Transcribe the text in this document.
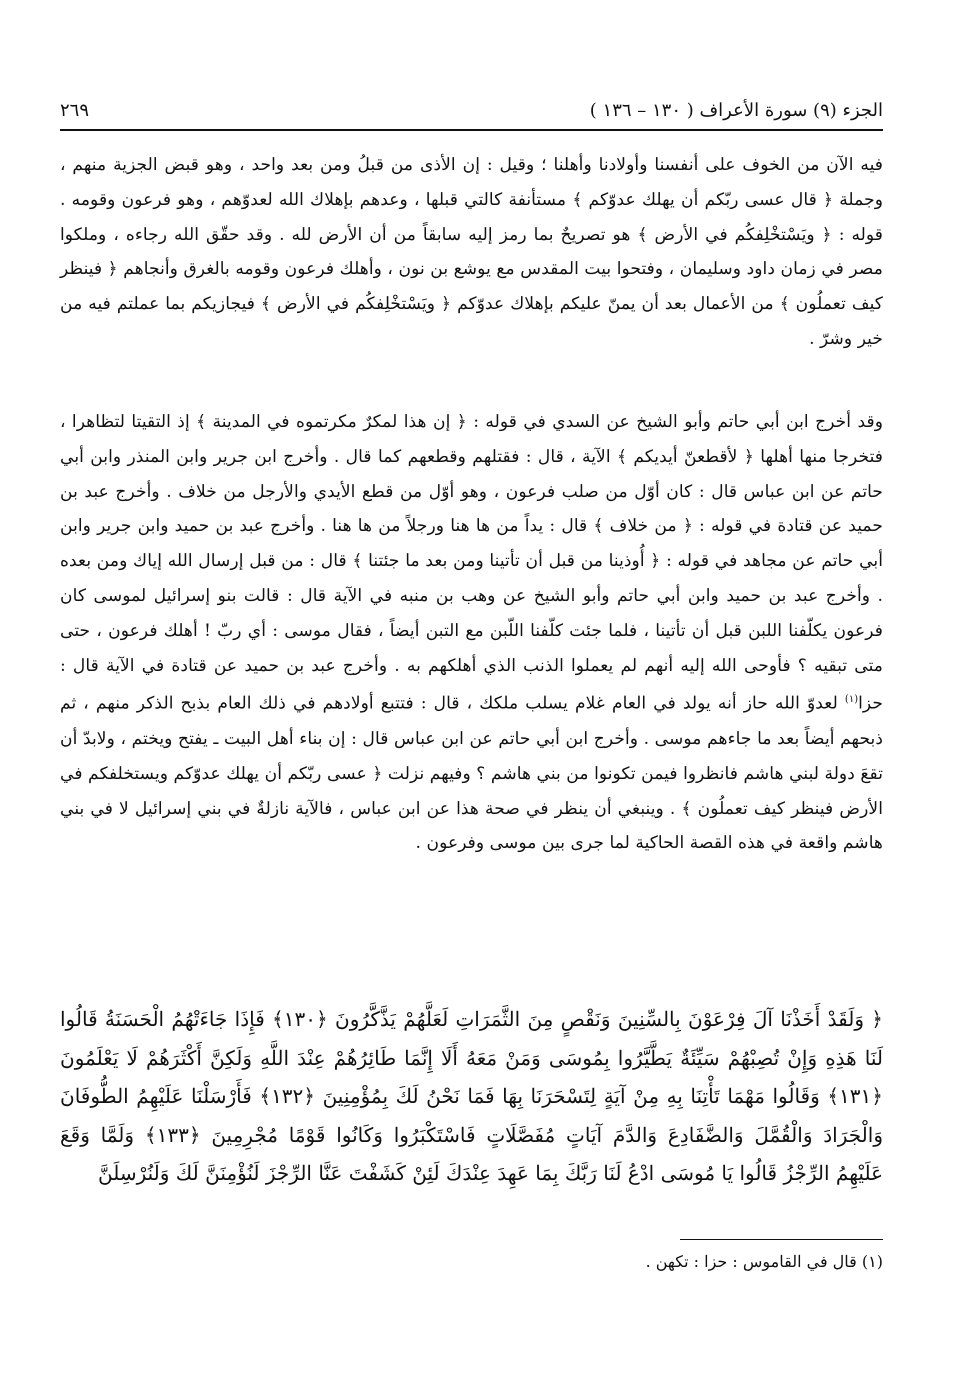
الجزء (٩) سورة الأعراف ( ١٣٠ – ١٣٦ )
٢٦٩
فيه الآن من الخوف على أنفسنا وأولادنا وأهلنا ؛ وقيل : إن الأذى من قبلُ ومن بعد واحد ، وهو قبض الجزية منهم ، وجملة ﴿ قال عسى ربّكم أن يهلك عدوّكم ﴾ مستأنفة كالتي قبلها ، وعدهم بإهلاك الله لعدوّهم ، وهو فرعون وقومه . قوله : ﴿ ويَسْتخْلِفكُم في الأرض ﴾ هو تصريحٌ بما رمز إليه سابقاً من أن الأرض لله . وقد حقّق الله رجاءه ، وملكوا مصر في زمان داود وسليمان ، وفتحوا بيت المقدس مع يوشع بن نون ، وأهلك فرعون وقومه بالغرق وأنجاهم ﴿ فينظر كيف تعملُون ﴾ من الأعمال بعد أن يمنّ عليكم بإهلاك عدوّكم ﴿ ويَسْتخْلِفكُم في الأرض ﴾ فيجازيكم بما عملتم فيه من خير وشرّ .
وقد أخرج ابن أبي حاتم وأبو الشيخ عن السدي في قوله : ﴿ إن هذا لمكرٌ مكرتموه في المدينة ﴾ إذ التقيتا لتظاهرا ، فتخرجا منها أهلها ﴿ لأقطعنّ أيديكم ﴾ الآية ، قال : فقتلهم وقطعهم كما قال . وأخرج ابن جرير وابن المنذر وابن أبي حاتم عن ابن عباس قال : كان أوّل من صلب فرعون ، وهو أوّل من قطع الأيدي والأرجل من خلاف . وأخرج عبد بن حميد عن قتادة في قوله : ﴿ من خلاف ﴾ قال : يداً من ها هنا ورجلاً من ها هنا . وأخرج عبد بن حميد وابن جرير وابن أبي حاتم عن مجاهد في قوله : ﴿ أُوذينا من قبل أن تأتينا ومن بعد ما جئتنا ﴾ قال : من قبل إرسال الله إياك ومن بعده . وأخرج عبد بن حميد وابن أبي حاتم وأبو الشيخ عن وهب بن منبه في الآية قال : قالت بنو إسرائيل لموسى كان فرعون يكلّفنا اللبن قبل أن تأتينا ، فلما جئت كلّفنا اللّبن مع التبن أيضاً ، فقال موسى : أي ربّ ! أهلك فرعون ، حتى متى تبقيه ؟ فأوحى الله إليه أنهم لم يعملوا الذنب الذي أهلكهم به . وأخرج عبد بن حميد عن قتادة في الآية قال : حزا$^{(١)}$ لعدوّ الله حاز أنه يولد في العام غلام يسلب ملكك ، قال : فتتبع أولادهم في ذلك العام بذبح الذكر منهم ، ثم ذبحهم أيضاً بعد ما جاءهم موسى . وأخرج ابن أبي حاتم عن ابن عباس قال : إن بناء أهل البيت ـ يفتح ويختم ، ولابدّ أن تقعَ دولة لبني هاشم فانظروا فيمن تكونوا من بني هاشم ؟ وفيهم نزلت ﴿ عسى ربّكم أن يهلك عدوّكم ويستخلفكم في الأرض فينظر كيف تعملُون ﴾ . وينبغي أن ينظر في صحة هذا عن ابن عباس ، فالآية نازلةٌ في بني إسرائيل لا في بني هاشم واقعة في هذه القصة الحاكية لما جرى بين موسى وفرعون .
﴿ وَلَقَدْ أَخَذْنَا آلَ فِرْعَوْنَ بِالسِّنِينَ وَنَقْصٍ مِنَ الثَّمَرَاتِ لَعَلَّهُمْ يَذَّكَّرُونَ ﴿١٣٠﴾ فَإِذَا جَاءَتْهُمُ الْحَسَنَةُ قَالُوا لَنَا هَذِهِ وَإِنْ تُصِبْهُمْ سَيِّئَةٌ يَطَّيَّرُوا بِمُوسَى وَمَنْ مَعَهُ أَلَا إِنَّمَا طَائِرُهُمْ عِنْدَ اللَّهِ وَلَكِنَّ أَكْثَرَهُمْ لَا يَعْلَمُونَ ﴿١٣١﴾ وَقَالُوا مَهْمَا تَأْتِنَا بِهِ مِنْ آيَةٍ لِتَسْحَرَنَا بِهَا فَمَا نَحْنُ لَكَ بِمُؤْمِنِينَ ﴿١٣٢﴾ فَأَرْسَلْنَا عَلَيْهِمُ الطُّوفَانَ وَالْجَرَادَ وَالْقُمَّلَ وَالضَّفَادِعَ وَالدَّمَ آيَاتٍ مُفَصَّلَاتٍ فَاسْتَكْبَرُوا وَكَانُوا قَوْمًا مُجْرِمِينَ ﴿١٣٣﴾ وَلَمَّا وَقَعَ عَلَيْهِمُ الرِّجْزُ قَالُوا يَا مُوسَى ادْعُ لَنَا رَبَّكَ بِمَا عَهِدَ عِنْدَكَ لَئِنْ كَشَفْتَ عَنَّا الرِّجْزَ لَنُؤْمِنَنَّ لَكَ وَلَنُرْسِلَنَّ
(١) قال في القاموس : حزا : تكهن .
